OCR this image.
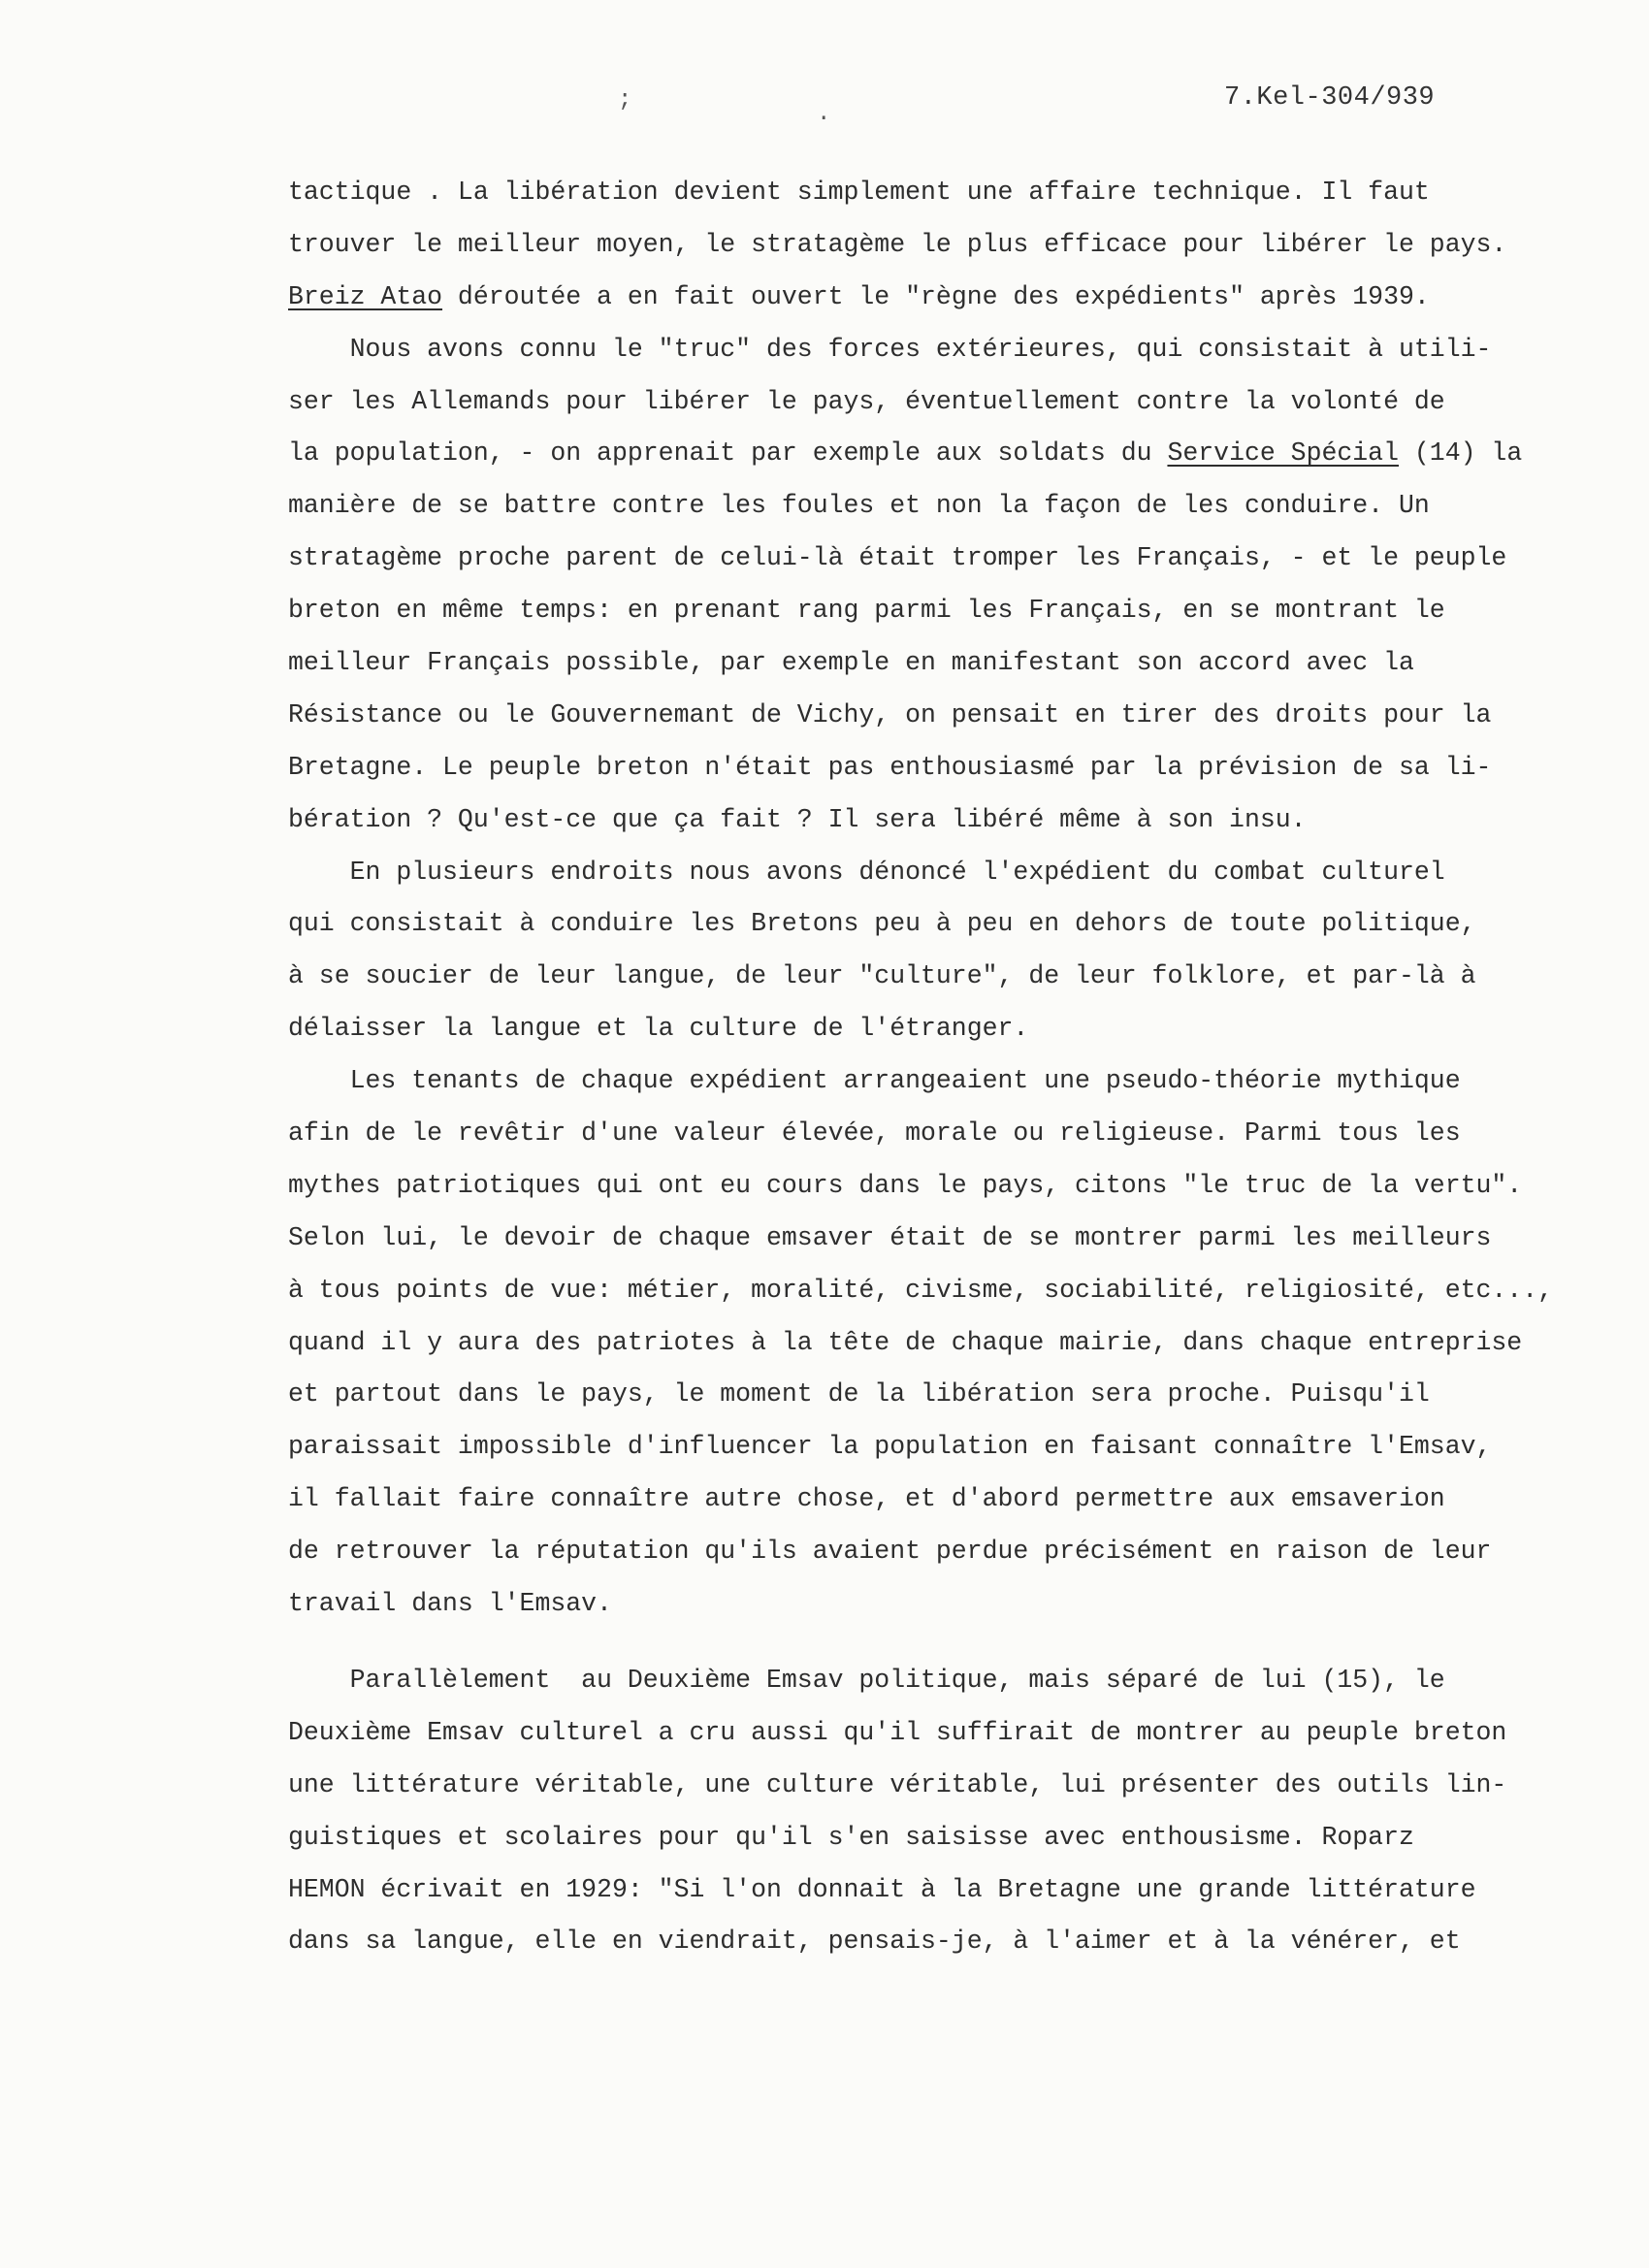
;
.
7.Kel-304/939
tactique . La libération devient simplement une affaire technique. Il faut
trouver le meilleur moyen, le stratagème le plus efficace pour libérer le pays.
Breiz Atao déroutée a en fait ouvert le "règne des expédients" après 1939.
Nous avons connu le "truc" des forces extérieures, qui consistait à utili-
ser les Allemands pour libérer le pays, éventuellement contre la volonté de
la population, - on apprenait par exemple aux soldats du Service Spécial (14) la
manière de se battre contre les foules et non la façon de les conduire. Un
stratagème proche parent de celui-là était tromper les Français, - et le peuple
breton en même temps: en prenant rang parmi les Français, en se montrant le
meilleur Français possible, par exemple en manifestant son accord avec la
Résistance ou le Gouvernemant de Vichy, on pensait en tirer des droits pour la
Bretagne. Le peuple breton n'était pas enthousiasmé par la prévision de sa li-
bération ? Qu'est-ce que ça fait ? Il sera libéré même à son insu.
En plusieurs endroits nous avons dénoncé l'expédient du combat culturel
qui consistait à conduire les Bretons peu à peu en dehors de toute politique,
à se soucier de leur langue, de leur "culture", de leur folklore, et par-là à
délaisser la langue et la culture de l'étranger.
Les tenants de chaque expédient arrangeaient une pseudo-théorie mythique
afin de le revêtir d'une valeur élevée, morale ou religieuse. Parmi tous les
mythes patriotiques qui ont eu cours dans le pays, citons "le truc de la vertu".
Selon lui, le devoir de chaque emsaver était de se montrer parmi les meilleurs
à tous points de vue: métier, moralité, civisme, sociabilité, religiosité, etc...,
quand il y aura des patriotes à la tête de chaque mairie, dans chaque entreprise
et partout dans le pays, le moment de la libération sera proche. Puisqu'il
paraissait impossible d'influencer la population en faisant connaître l'Emsav,
il fallait faire connaître autre chose, et d'abord permettre aux emsaverion
de retrouver la réputation qu'ils avaient perdue précisément en raison de leur
travail dans l'Emsav.
Parallèlement  au Deuxième Emsav politique, mais séparé de lui (15), le
Deuxième Emsav culturel a cru aussi qu'il suffirait de montrer au peuple breton
une littérature véritable, une culture véritable, lui présenter des outils lin-
guistiques et scolaires pour qu'il s'en saisisse avec enthousisme. Roparz
HEMON écrivait en 1929: "Si l'on donnait à la Bretagne une grande littérature
dans sa langue, elle en viendrait, pensais-je, à l'aimer et à la vénérer, et
